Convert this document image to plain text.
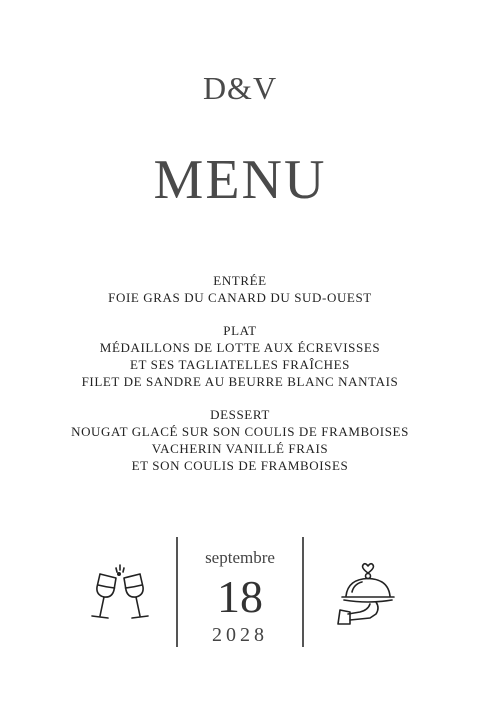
D&V
MENU
ENTRÉE
FOIE GRAS DU CANARD DU SUD-OUEST
PLAT
MÉDAILLONS DE LOTTE AUX ÉCREVISSES
ET SES TAGLIATELLES FRAÎCHES
FILET DE SANDRE AU BEURRE BLANC NANTAIS
DESSERT
NOUGAT GLACÉ SUR SON COULIS DE FRAMBOISES
VACHERIN VANILLÉ FRAIS
ET SON COULIS DE FRAMBOISES
septembre
18
2028
